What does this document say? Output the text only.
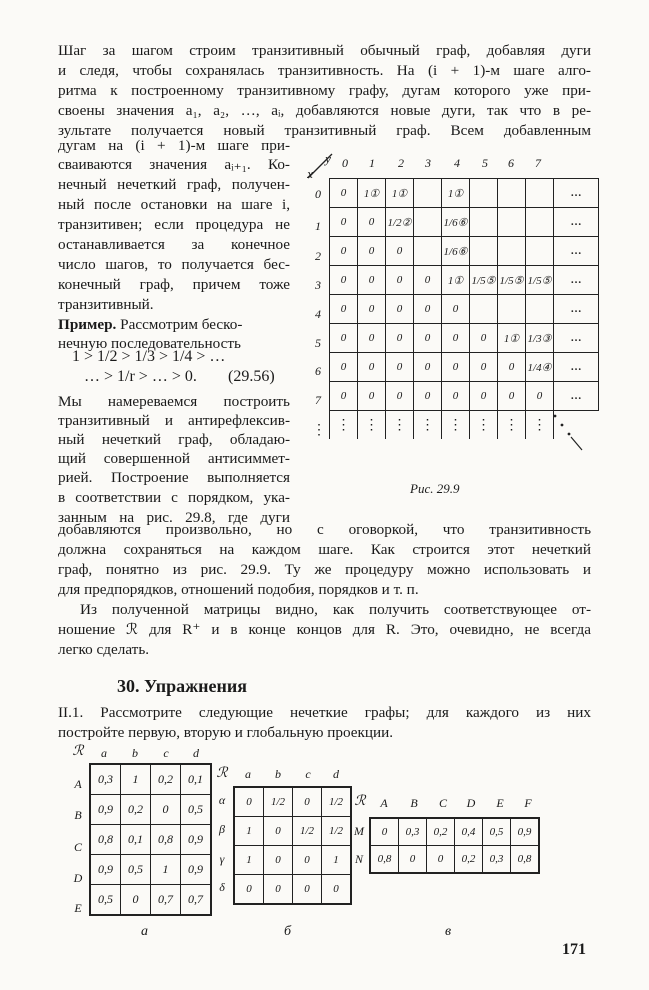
Шаг за шагом строим транзитивный обычный граф, добавляя дуги
и следя, чтобы сохранялась транзитивность. На (i + 1)-м шаге алго-
ритма к построенному транзитивному графу, дугам которого уже при-
своены значения a₁, a₂, …, aᵢ, добавляются новые дуги, так что в ре-
зультате получается новый транзитивный граф. Всем добавленным
дугам на (i + 1)-м шаге при-
сваиваются значения aᵢ₊₁. Ко-
нечный нечеткий граф, получен-
ный после остановки на шаге i,
транзитивен; если процедура не
останавливается за конечное
число шагов, то получается бес-
конечный граф, причем тоже
транзитивный.
Пример. Рассмотрим беско-
нечную последовательность
1 > 1/2 > 1/3 > 1/4 > …
… > 1/r > … > 0. (29.56)
Мы намереваемся построить
транзитивный и антирефлексив-
ный нечеткий граф, обладаю-
щий совершенной антисиммет-
рией. Построение выполняется
в соответствии с порядком, ука-
занным на рис. 29.8, где дуги
добавляются произвольно, но с оговоркой, что транзитивность
должна сохраняться на каждом шаге. Как строится этот нечеткий
граф, понятно из рис. 29.9. Ту же процедуру можно использовать и
для предпорядков, отношений подобия, порядков и т. п.
Из полученной матрицы видно, как получить соответствующее от-
ношение ℛ для R⁺ и в конце концов для R. Это, очевидно, не всегда
легко сделать.
y
x
0	1	2	3	4	5	6	7
0
1
2
3
4
5
6
7
⋮
0	1①	1①		1①				…
0	0	1/2②		1/6⑥				…
0	0	0		1/6⑥				…
0	0	0	0	1①	1/5⑤	1/5⑤	1/5⑤	…
0	0	0	0	0				…
0	0	0	0	0	0	1①	1/3③	…
0	0	0	0	0	0	0	1/4④	…
0	0	0	0	0	0	0	0	…
⋮	⋮	⋮	⋮	⋮	⋮	⋮	⋮	
Рис. 29.9
30. Упражнения
II.1. Рассмотрите следующие нечеткие графы; для каждого из них
постройте первую, вторую и глобальную проекции.
ℛ	a	b	c	d
A
B
C
D
E
0,3	1	0,2	0,1
0,9	0,2	0	0,5
0,8	0,1	0,8	0,9
0,9	0,5	1	0,9
0,5	0	0,7	0,7
a
ℛ	a	b	c	d
α
β
γ
δ
0	1/2	0	1/2
1	0	1/2	1/2
1	0	0	1
0	0	0	0
б
ℛ	A	B	C	D	E	F
M
N
0	0,3	0,2	0,4	0,5	0,9
0,8	0	0	0,2	0,3	0,8
в
171
